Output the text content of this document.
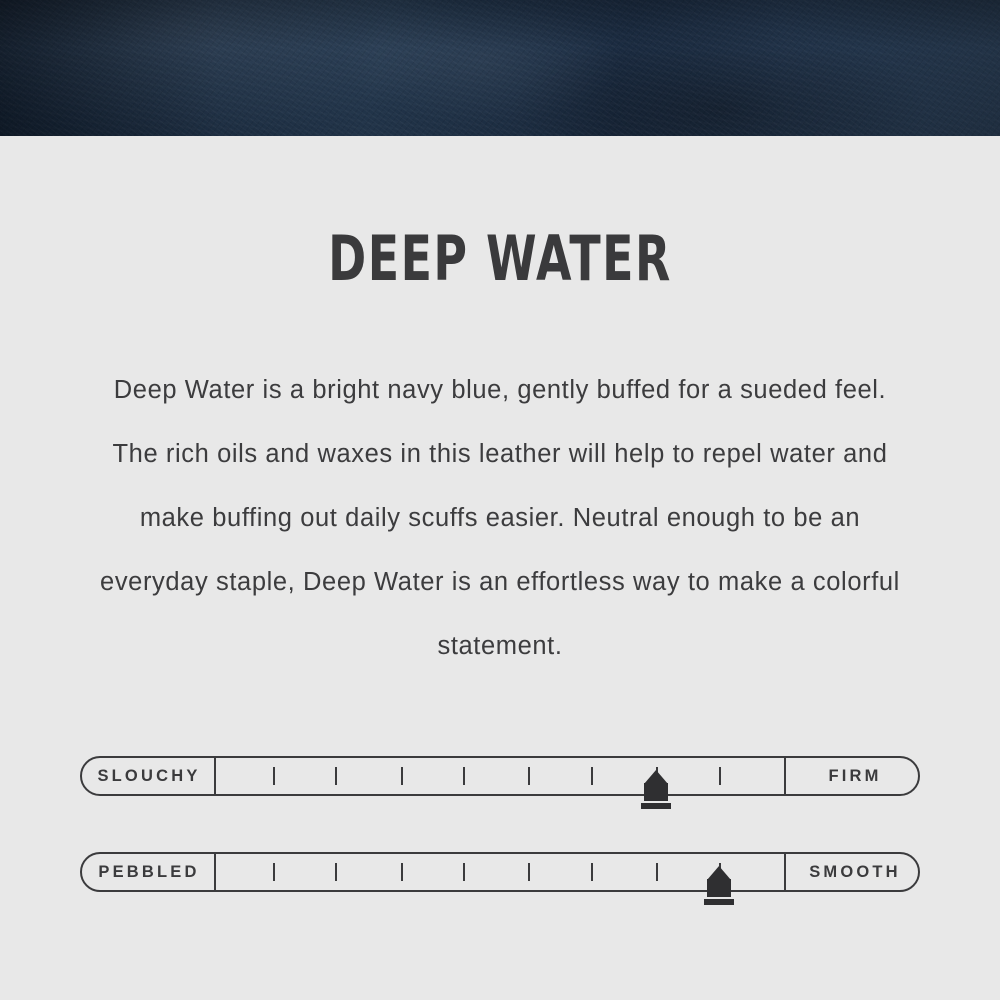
DEEP WATER
Deep Water is a bright navy blue, gently buffed for a sueded feel. The rich oils and waxes in this leather will help to repel water and make buffing out daily scuffs easier. Neutral enough to be an everyday staple, Deep Water is an effortless way to make a colorful statement.
SLOUCHY	FIRM
PEBBLED	SMOOTH
